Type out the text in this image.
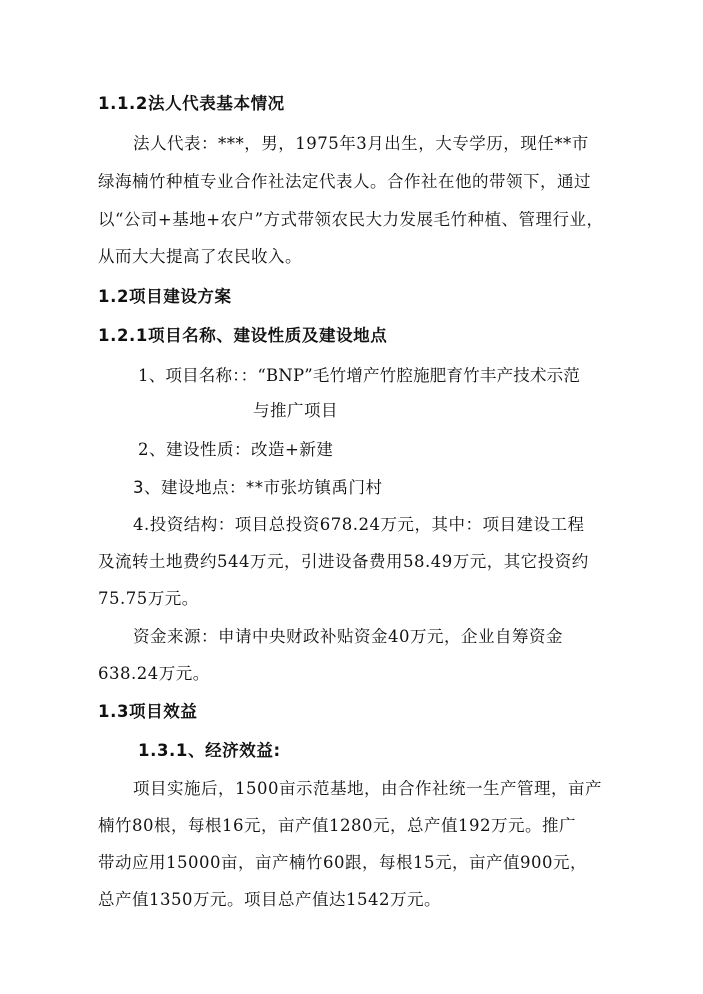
1.1.2法人代表基本情况
法人代表：***，男，1975年3月出生，大专学历，现任**市
绿海楠竹种植专业合作社法定代表人。合作社在他的带领下，通过
以“公司+基地+农户”方式带领农民大力发展毛竹种植、管理行业，
从而大大提高了农民收入。
1.2项目建设方案
1.2.1项目名称、建设性质及建设地点
1、项目名称：：“BNP”毛竹增产竹腔施肥育竹丰产技术示范
与推广项目
2、建设性质：改造+新建
3、建设地点：**市张坊镇禹门村
4.投资结构：项目总投资678.24万元，其中：项目建设工程
及流转土地费约544万元，引进设备费用58.49万元，其它投资约
75.75万元。
资金来源：申请中央财政补贴资金40万元，企业自筹资金
638.24万元。
1.3项目效益
1.3.1、经济效益:
项目实施后，1500亩示范基地，由合作社统一生产管理，亩产
楠竹80根，每根16元，亩产值1280元，总产值192万元。推广
带动应用15000亩，亩产楠竹60跟，每根15元，亩产值900元，
总产值1350万元。项目总产值达1542万元。
